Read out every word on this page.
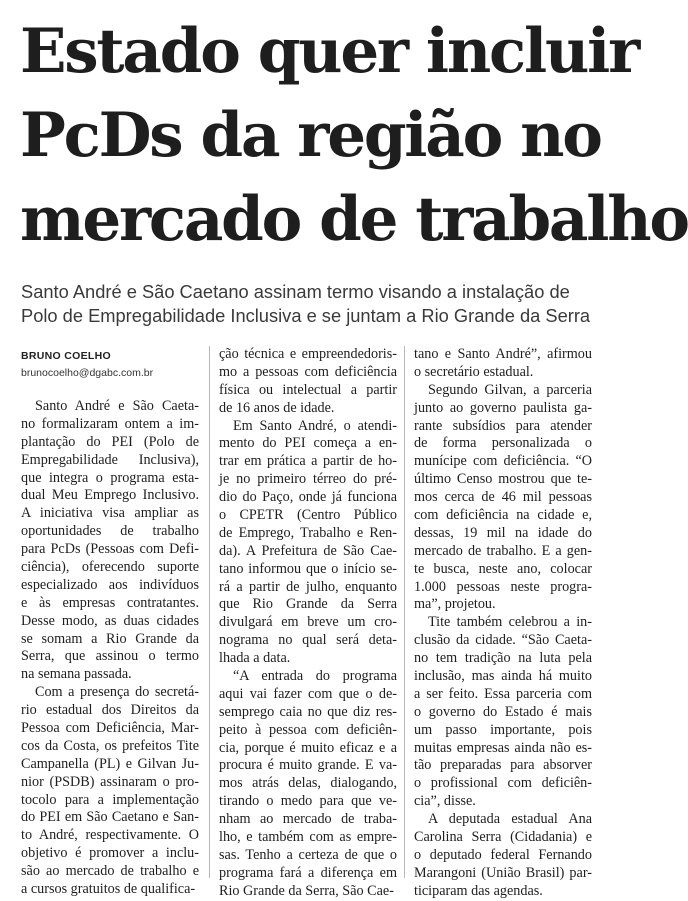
Estado quer incluir
PcDs da região no
mercado de trabalho

Santo André e São Caetano assinam termo visando a instalação de
Polo de Empregabilidade Inclusiva e se juntam a Rio Grande da Serra

BRUNO COELHO
brunocoelho@dgabc.com.br
Santo André e São Caeta-
no formalizaram ontem a im-
plantação do PEI (Polo de
Empregabilidade Inclusiva),
que integra o programa esta-
dual Meu Emprego Inclusivo.
A iniciativa visa ampliar as
oportunidades de trabalho
para PcDs (Pessoas com Defi-
ciência), oferecendo suporte
especializado aos indivíduos
e às empresas contratantes.
Desse modo, as duas cidades
se somam a Rio Grande da
Serra, que assinou o termo
na semana passada.
Com a presença do secretá-
rio estadual dos Direitos da
Pessoa com Deficiência, Mar-
cos da Costa, os prefeitos Tite
Campanella (PL) e Gilvan Ju-
nior (PSDB) assinaram o pro-
tocolo para a implementação
do PEI em São Caetano e San-
to André, respectivamente. O
objetivo é promover a inclu-
são ao mercado de trabalho e
a cursos gratuitos de qualifica-
ção técnica e empreendedoris-
mo a pessoas com deficiência
física ou intelectual a partir
de 16 anos de idade.
Em Santo André, o atendi-
mento do PEI começa a en-
trar em prática a partir de ho-
je no primeiro térreo do pré-
dio do Paço, onde já funciona
o CPETR (Centro Público
de Emprego, Trabalho e Ren-
da). A Prefeitura de São Cae-
tano informou que o início se-
rá a partir de julho, enquanto
que Rio Grande da Serra
divulgará em breve um cro-
nograma no qual será deta-
lhada a data.
“A entrada do programa
aqui vai fazer com que o de-
semprego caia no que diz res-
peito à pessoa com deficiên-
cia, porque é muito eficaz e a
procura é muito grande. E va-
mos atrás delas, dialogando,
tirando o medo para que ve-
nham ao mercado de traba-
lho, e também com as empre-
sas. Tenho a certeza de que o
programa fará a diferença em
Rio Grande da Serra, São Cae-
tano e Santo André”, afirmou
o secretário estadual.
Segundo Gilvan, a parceria
junto ao governo paulista ga-
rante subsídios para atender
de forma personalizada o
munícipe com deficiência. “O
último Censo mostrou que te-
mos cerca de 46 mil pessoas
com deficiência na cidade e,
dessas, 19 mil na idade do
mercado de trabalho. E a gen-
te busca, neste ano, colocar
1.000 pessoas neste progra-
ma”, projetou.
Tite também celebrou a in-
clusão da cidade. “São Caeta-
no tem tradição na luta pela
inclusão, mas ainda há muito
a ser feito. Essa parceria com
o governo do Estado é mais
um passo importante, pois
muitas empresas ainda não es-
tão preparadas para absorver
o profissional com deficiên-
cia”, disse.
A deputada estadual Ana
Carolina Serra (Cidadania) e
o deputado federal Fernando
Marangoni (União Brasil) par-
ticiparam das agendas.
